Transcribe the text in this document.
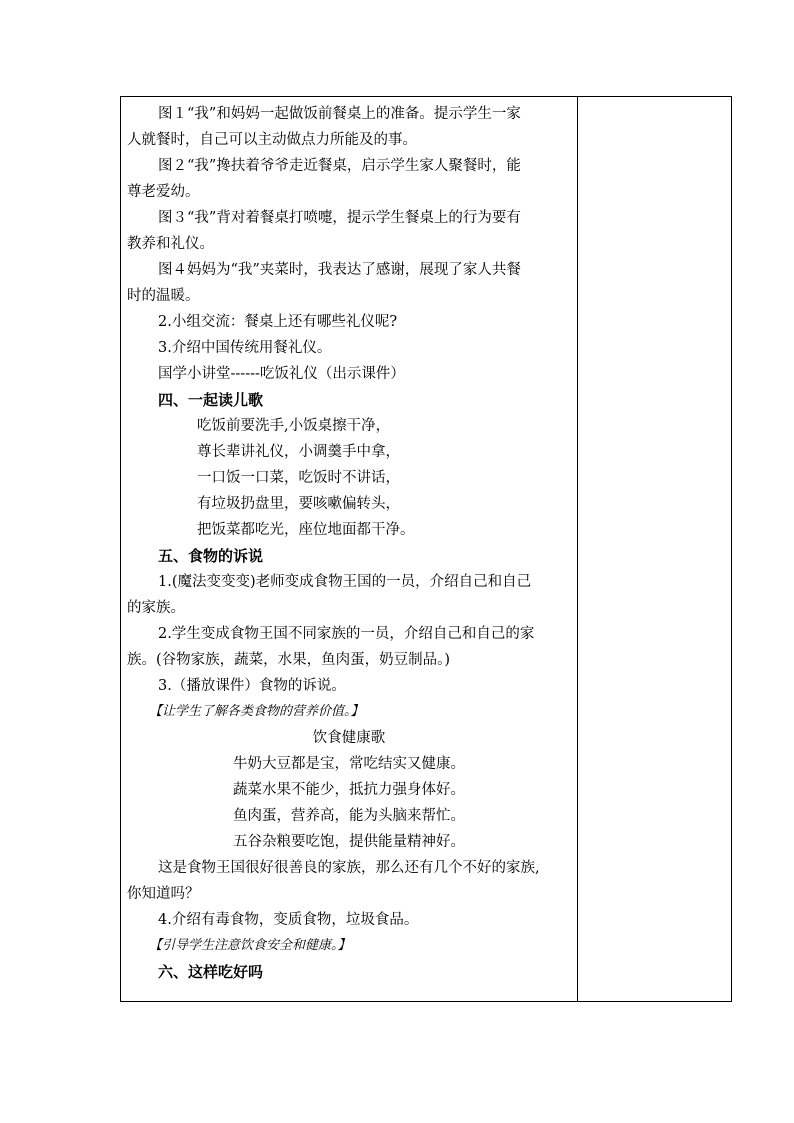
图１“我”和妈妈一起做饭前餐桌上的准备。提示学生一家
人就餐时，自己可以主动做点力所能及的事。
图２“我”搀扶着爷爷走近餐桌，启示学生家人聚餐时，能
尊老爱幼。
图３“我”背对着餐桌打喷嚏，提示学生餐桌上的行为要有
教养和礼仪。
图４妈妈为“我”夹菜时，我表达了感谢，展现了家人共餐
时的温暖。
2.小组交流：餐桌上还有哪些礼仪呢?
3.介绍中国传统用餐礼仪。
国学小讲堂------吃饭礼仪（出示课件）
四、一起读儿歌
吃饭前要洗手,小饭桌擦干净，
尊长辈讲礼仪，小调羹手中拿，
一口饭一口菜，吃饭时不讲话，
有垃圾扔盘里，要咳嗽偏转头，
把饭菜都吃光，座位地面都干净。
五、食物的诉说
1.(魔法变变变)老师变成食物王国的一员，介绍自己和自己
的家族。
2.学生变成食物王国不同家族的一员，介绍自己和自己的家
族。(谷物家族，蔬菜，水果，鱼肉蛋，奶豆制品。)
3.（播放课件）食物的诉说。
【让学生了解各类食物的营养价值。】
饮食健康歌
牛奶大豆都是宝，常吃结实又健康。
蔬菜水果不能少，抵抗力强身体好。
鱼肉蛋，营养高，能为头脑来帮忙。
五谷杂粮要吃饱，提供能量精神好。
这是食物王国很好很善良的家族，那么还有几个不好的家族,
你知道吗？
4.介绍有毒食物，变质食物，垃圾食品。
【引导学生注意饮食安全和健康。】
六、这样吃好吗
